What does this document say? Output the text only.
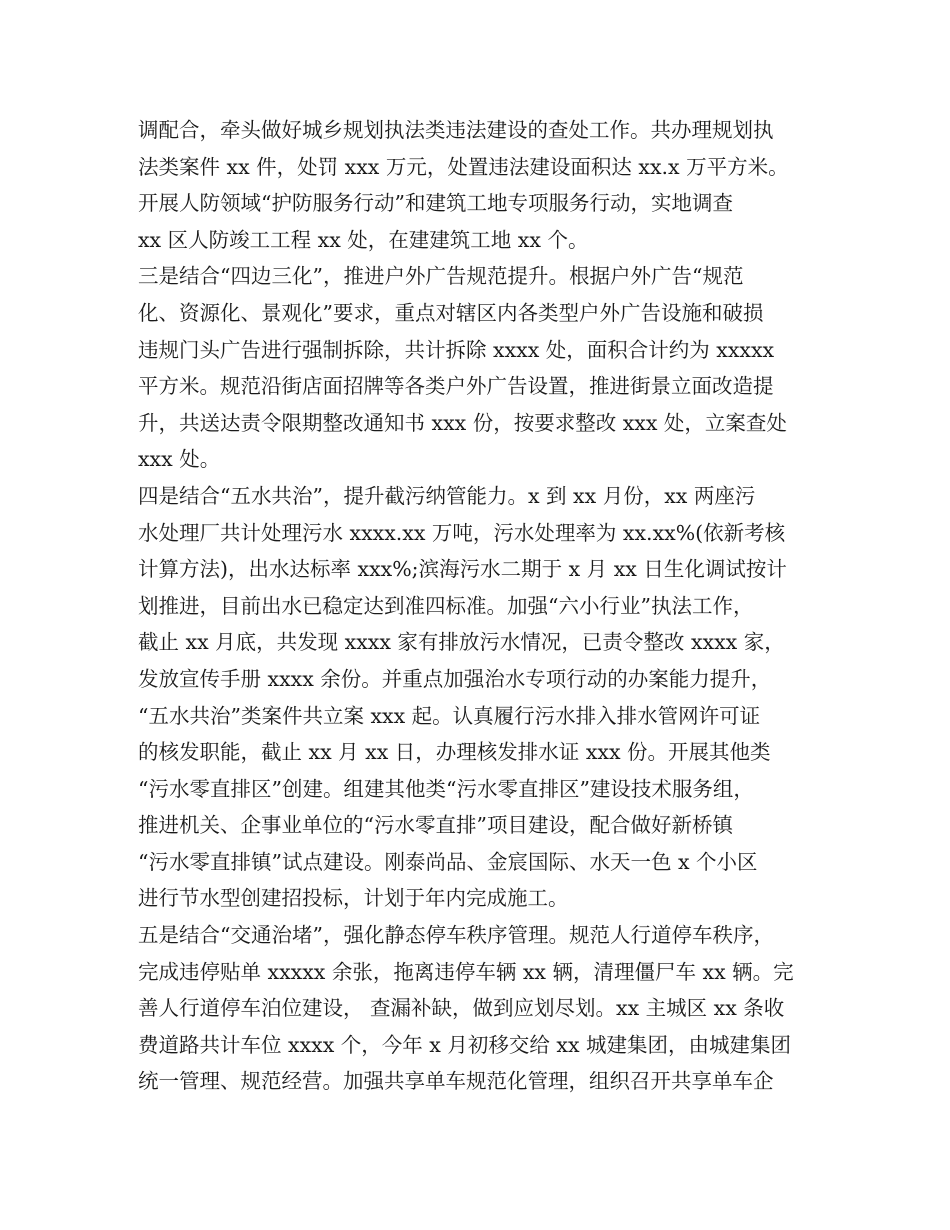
调配合，牵头做好城乡规划执法类违法建设的查处工作。共办理规划执
法类案件 xx 件，处罚 xxx 万元，处置违法建设面积达 xx.x 万平方米。
开展人防领域“护防服务行动”和建筑工地专项服务行动，实地调查
xx 区人防竣工工程 xx 处，在建建筑工地 xx 个。
三是结合“四边三化”，推进户外广告规范提升。根据户外广告“规范
化、资源化、景观化”要求，重点对辖区内各类型户外广告设施和破损
违规门头广告进行强制拆除，共计拆除 xxxx 处，面积合计约为 xxxxx
平方米。规范沿街店面招牌等各类户外广告设置，推进街景立面改造提
升，共送达责令限期整改通知书 xxx 份，按要求整改 xxx 处，立案查处
xxx 处。
四是结合“五水共治”，提升截污纳管能力。x 到 xx 月份，xx 两座污
水处理厂共计处理污水 xxxx.xx 万吨，污水处理率为 xx.xx%(依新考核
计算方法)，出水达标率 xxx%;滨海污水二期于 x 月 xx 日生化调试按计
划推进，目前出水已稳定达到准四标准。加强“六小行业”执法工作，
截止 xx 月底，共发现 xxxx 家有排放污水情况，已责令整改 xxxx 家，
发放宣传手册 xxxx 余份。并重点加强治水专项行动的办案能力提升，
“五水共治”类案件共立案 xxx 起。认真履行污水排入排水管网许可证
的核发职能，截止 xx 月 xx 日，办理核发排水证 xxx 份。开展其他类
“污水零直排区”创建。组建其他类“污水零直排区”建设技术服务组，
推进机关、企事业单位的“污水零直排”项目建设，配合做好新桥镇
“污水零直排镇”试点建设。刚泰尚品、金宸国际、水天一色 x 个小区
进行节水型创建招投标，计划于年内完成施工。
五是结合“交通治堵”，强化静态停车秩序管理。规范人行道停车秩序，
完成违停贴单 xxxxx 余张，拖离违停车辆 xx 辆，清理僵尸车 xx 辆。完
善人行道停车泊位建设， 查漏补缺，做到应划尽划。xx 主城区 xx 条收
费道路共计车位 xxxx 个，今年 x 月初移交给 xx 城建集团，由城建集团
统一管理、规范经营。加强共享单车规范化管理，组织召开共享单车企
